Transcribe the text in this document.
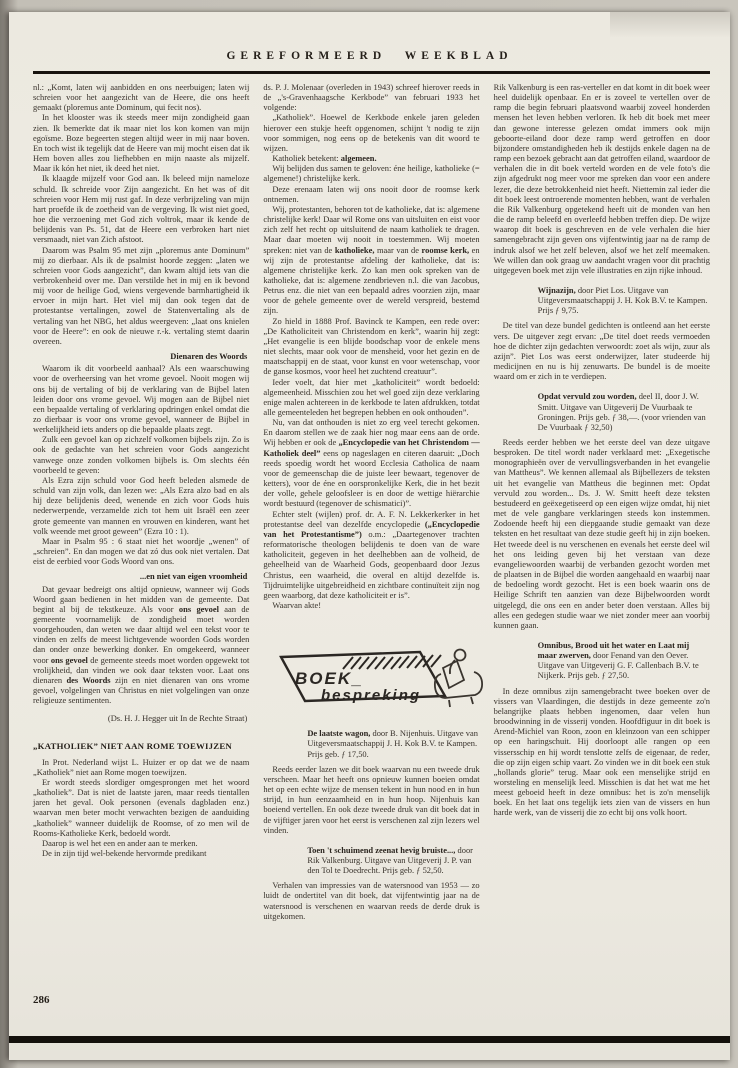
GEREFORMEERD WEEKBLAD
nl.: „Komt, laten wij aanbidden en ons neerbuigen; laten wij schreien voor het aangezicht van de Heere, die ons heeft gemaakt (ploremus ante Dominum, qui fecit nos).
In het klooster was ik steeds meer mijn zondigheid gaan zien. Ik bemerkte dat ik maar niet los kon komen van mijn egoïsme. Boze begeerten stegen altijd weer in mij naar boven. En toch wist ik tegelijk dat de Heere van mij mocht eisen dat ik Hem boven alles zou liefhebben en mijn naaste als mijzelf. Maar ik kón het niet, ik deed het niet.
Ik klaagde mijzelf voor God aan. Ik beleed mijn nameloze schuld. Ik schreide voor Zijn aangezicht. En het was of dit schreien voor Hem mij rust gaf. In deze verbrijzeling van mijn hart proefde ik de zoetheid van de vergeving. Ik wist niet goed, hoe die verzoening met God zich voltrok, maar ik kende de belijdenis van Ps. 51, dat de Heere een verbroken hart niet versmaadt, niet van Zich afstoot.
Daarom was Psalm 95 met zijn „ploremus ante Dominum” mij zo dierbaar. Als ik de psalmist hoorde zeggen: „laten we schreien voor Gods aangezicht”, dan kwam altijd iets van die verbrokenheid over me. Dan verstilde het in mij en ik bevond mij voor de heilige God, wiens vergevende barmhartigheid ik ervoer in mijn hart. Het viel mij dan ook tegen dat de protestantse vertalingen, zowel de Statenvertaling als de vertaling van het NBG, het aldus weergeven: „laat ons knielen voor de Heere”: en ook de nieuwe r.-k. vertaling stemt daarin overeen.
Dienaren des Woords
Waarom ik dit voorbeeld aanhaal? Als een waarschuwing voor de overheersing van het vrome gevoel. Nooit mogen wij ons bij de vertaling of bij de verklaring van de Bijbel laten leiden door ons vrome gevoel. Wij mogen aan de Bijbel niet een bepaalde vertaling of verklaring opdringen enkel omdat die zo dierbaar is voor ons vrome gevoel, wanneer de Bijbel in werkelijkheid iets anders op die bepaalde plaats zegt.
Zulk een gevoel kan op zichzelf volkomen bijbels zijn. Zo is ook de gedachte van het schreien voor Gods aangezicht vanwege onze zonden volkomen bijbels is. Om slechts één voorbeeld te geven:
Als Ezra zijn schuld voor God heeft beleden alsmede de schuld van zijn volk, dan lezen we: „Als Ezra alzo bad en als hij deze belijdenis deed, wenende en zich voor Gods huis nederwerpende, verzamelde zich tot hem uit Israël een zeer grote gemeente van mannen en vrouwen en kinderen, want het volk weende met groot geween” (Ezra 10 : 1).
Maar in Psalm 95 : 6 staat niet het woordje „wenen” of „schreien”. En dan mogen we dat zó dus ook niet vertalen. Dat eist de eerbied voor Gods Woord van ons.
...en niet van eigen vroomheid
Dat gevaar bedreigt ons altijd opnieuw, wanneer wij Gods Woord gaan bedienen in het midden van de gemeente. Dat begint al bij de tekstkeuze. Als voor ons gevoel aan de gemeente voornamelijk de zondigheid moet worden voorgehouden, dan weten we daar altijd wel een tekst voor te vinden en zelfs de meest lichtgevende woorden Gods worden dan onder onze bewerking donker. En omgekeerd, wanneer voor ons gevoel de gemeente steeds moet worden opgewekt tot vrolijkheid, dan vinden we ook daar teksten voor. Laat ons dienaren des Woords zijn en niet dienaren van ons vrome gevoel, volgelingen van Christus en niet volgelingen van onze religieuze sentimenten.
(Ds. H. J. Hegger uit In de Rechte Straat)
„KATHOLIEK” NIET AAN ROME TOEWIJZEN
In Prot. Nederland wijst L. Huizer er op dat we de naam „Katholiek” niet aan Rome mogen toewijzen.
Er wordt steeds slordiger omgesprongen met het woord „katholiek”. Dat is niet de laatste jaren, maar reeds tientallen jaren het geval. Ook personen (evenals dagbladen enz.) waarvan men beter mocht verwachten bezigen de aanduiding „katholiek” wanneer duidelijk de Roomse, of zo men wil de Rooms-Katholieke Kerk, bedoeld wordt.
Daarop is wel het een en ander aan te merken.
De in zijn tijd wel-bekende hervormde predikant
ds. P. J. Molenaar (overleden in 1943) schreef hierover reeds in de „'s-Gravenhaagsche Kerkbode” van februari 1933 het volgende:
„Katholiek”. Hoewel de Kerkbode enkele jaren geleden hierover een stukje heeft opgenomen, schijnt 't nodig te zijn voor sommigen, nog eens op de betekenis van dit woord te wijzen.
Katholiek betekent: algemeen.
Wij belijden dus samen te geloven: éne heilige, katholieke (= algemene!) christelijke kerk.
Deze erenaam laten wij ons nooit door de roomse kerk ontnemen.
Wij, protestanten, behoren tot de katholieke, dat is: algemene christelijke kerk! Daar wil Rome ons van uitsluiten en eist voor zich zelf het recht op uitsluitend de naam katholiek te dragen. Maar daar moeten wij nooit in toestemmen. Wij moeten spreken: niet van de katholieke, maar van de roomse kerk, en wij zijn de protestantse afdeling der katholieke, dat is: algemene christelijke kerk. Zo kan men ook spreken van de katholieke, dat is: algemene zendbrieven n.l. die van Jacobus, Petrus enz. die niet van een bepaald adres voorzien zijn, maar voor de gehele gemeente over de wereld verspreid, bestemd zijn.
Zo hield in 1888 Prof. Bavinck te Kampen, een rede over: „De Katholiciteit van Christendom en kerk”, waarin hij zegt: „Het evangelie is een blijde boodschap voor de enkele mens niet slechts, maar ook voor de mensheid, voor het gezin en de maatschappij en de staat, voor kunst en voor wetenschap, voor de ganse kosmos, voor heel het zuchtend creatuur”.
Ieder voelt, dat hier met „katholiciteit” wordt bedoeld: algemeenheid. Misschien zou het wel goed zijn deze verklaring enige malen achtereen in de kerkbode te laten afdrukken, totdat alle gemeenteleden het begrepen hebben en ook onthouden”.
Nu, van dat onthouden is niet zo erg veel terecht gekomen. En daarom stellen we de zaak hier nog maar eens aan de orde. Wij hebben er ook de „Encyclopedie van het Christendom — Katholiek deel” eens op nageslagen en citeren daaruit: „Doch reeds spoedig wordt het woord Ecclesia Catholica de naam voor de gemeenschap die de juiste leer bewaart, tegenover de ketters), voor de éne en oorspronkelijke Kerk, die in het bezit der volle, gehele geloofsleer is en door de wettige hiërarchie wordt bestuurd (tegenover de schismatici)”.
Echter stelt (wijlen) prof. dr. A. F. N. Lekkerkerker in het protestantse deel van dezelfde encyclopedie („Encyclopedie van het Protestantisme”) o.m.: „Daartegenover trachten reformatorische theologen belijdenis te doen van de ware katholiciteit, gegeven in het deelhebben aan de volheid, de geheelheid van de Waarheid Gods, geopenbaard door Jezus Christus, een waarheid, die overal en altijd dezelfde is. Tijdruimtelijke uitgebreidheid en zichtbare continuïteit zijn nog geen waarborg, dat deze katholiciteit er is”.
Waarvan akte!
BOEK_
bespreking
De laatste wagon, door B. Nijenhuis. Uitgave van Uitgeversmaatschappij J. H. Kok B.V. te Kampen. Prijs geb. ƒ 17,50.
Reeds eerder lazen we dit boek waarvan nu een tweede druk verscheen. Maar het heeft ons opnieuw kunnen boeien omdat het op een echte wijze de mensen tekent in hun nood en in hun strijd, in hun eenzaamheid en in hun hoop. Nijenhuis kan boeiend vertellen. En ook deze tweede druk van dit boek dat in de vijftiger jaren voor het eerst is verschenen zal zijn lezers wel vinden.
Toen 't schuimend zeenat hevig bruiste..., door Rik Valkenburg. Uitgave van Uitgeverij J. P. van den Tol te Doedrecht. Prijs geb. ƒ 52,50.
Verhalen van impressies van de watersnood van 1953 — zo luidt de ondertitel van dit boek, dat vijfentwintig jaar na de watersnood is verschenen en waarvan reeds de derde druk is uitgekomen.
Rik Valkenburg is een ras-verteller en dat komt in dit boek weer heel duidelijk openbaar. En er is zoveel te vertellen over de ramp die begin februari plaatsvond waarbij zoveel honderden mensen het leven hebben verloren. Ik heb dit boek met meer dan gewone interesse gelezen omdat immers ook mijn geboorte-eiland door deze ramp werd getroffen en door bijzondere omstandigheden heb ik destijds enkele dagen na de ramp een bezoek gebracht aan dat getroffen eiland, waardoor de verhalen die in dit boek verteld worden en de vele foto's die zijn afgedrukt nog meer voor me spreken dan voor een andere lezer, die deze betrokkenheid niet heeft. Niettemin zal ieder die dit boek leest ontroerende momenten hebben, want de verhalen die Rik Valkenburg opgetekend heeft uit de monden van hen die de ramp beleefd en overleefd hebben treffen diep. De wijze waarop dit boek is geschreven en de vele verhalen die hier samengebracht zijn geven ons vijfentwintig jaar na de ramp de indruk alsof we het zelf beleven, alsof we het zelf meemaken. We willen dan ook graag uw aandacht vragen voor dit prachtig uitgegeven boek met zijn vele illustraties en zijn rijke inhoud.
Wijnazijn, door Piet Los. Uitgave van Uitgeversmaatschappij J. H. Kok B.V. te Kampen. Prijs ƒ 9,75.
De titel van deze bundel gedichten is ontleend aan het eerste vers. De uitgever zegt ervan: „De titel doet reeds vermoeden hoe de dichter zijn gedachten verwoordt: zoet als wijn, zuur als azijn”. Piet Los was eerst onderwijzer, later studeerde hij medicijnen en nu is hij zenuwarts. De bundel is de moeite waard om er zich in te verdiepen.
Opdat vervuld zou worden, deel II, door J. W. Smitt. Uitgave van Uitgeverij De Vuurbaak te Groningen. Prijs geb. ƒ 38,—. (voor vrienden van De Vuurbaak ƒ 32,50)
Reeds eerder hebben we het eerste deel van deze uitgave besproken. De titel wordt nader verklaard met: „Exegetische monographieën over de vervullingsverbanden in het evangelie van Mattheus”. We kennen allemaal als Bijbellezers de teksten uit het evangelie van Mattheus die beginnen met: Opdat vervuld zou worden... Ds. J. W. Smitt heeft deze teksten bestudeerd en geëxegetiseerd op een eigen wijze omdat, hij niet met de vele gangbare verklaringen steeds kon instemmen. Zodoende heeft hij een diepgaande studie gemaakt van deze teksten en het resultaat van deze studie geeft hij in zijn boeken. Het tweede deel is nu verschenen en evenals het eerste deel wil het ons leiding geven bij het verstaan van deze evangeliewoorden waarbij de verbanden gezocht worden met de plaatsen in de Bijbel die worden aangehaald en waarbij naar de bedoeling wordt gezocht. Het is een boek waarin ons de Heilige Schrift ten aanzien van deze Bijbelwoorden wordt uitgelegd, die ons een en ander beter doen verstaan. Alles bij alles een gedegen studie waar we niet zonder meer aan voorbij kunnen gaan.
Omnibus, Brood uit het water en Laat mij maar zwerven, door Fenand van den Oever. Uitgave van Uitgeverij G. F. Callenbach B.V. te Nijkerk. Prijs geb. ƒ 27,50.
In deze omnibus zijn samengebracht twee boeken over de vissers van Vlaardingen, die destijds in deze gemeente zo'n belangrijke plaats hebben ingenomen, daar velen hun broodwinning in de visserij vonden. Hoofdfiguur in dit boek is Arend-Michiel van Roon, zoon en kleinzoon van een schipper op een haringschuit. Hij doorloopt alle rangen op een vissersschip en hij wordt tenslotte zelfs de eigenaar, de reder, die op zijn eigen schip vaart. Zo vinden we in dit boek een stuk „hollands glorie” terug. Maar ook een menselijke strijd en worsteling en menselijk leed. Misschien is dat het wat me het meest geboeid heeft in deze omnibus: het is zo'n menselijk boek. En het laat ons tegelijk iets zien van de vissers en hun harde werk, van de visserij die zo echt bij ons volk hoort.
286
